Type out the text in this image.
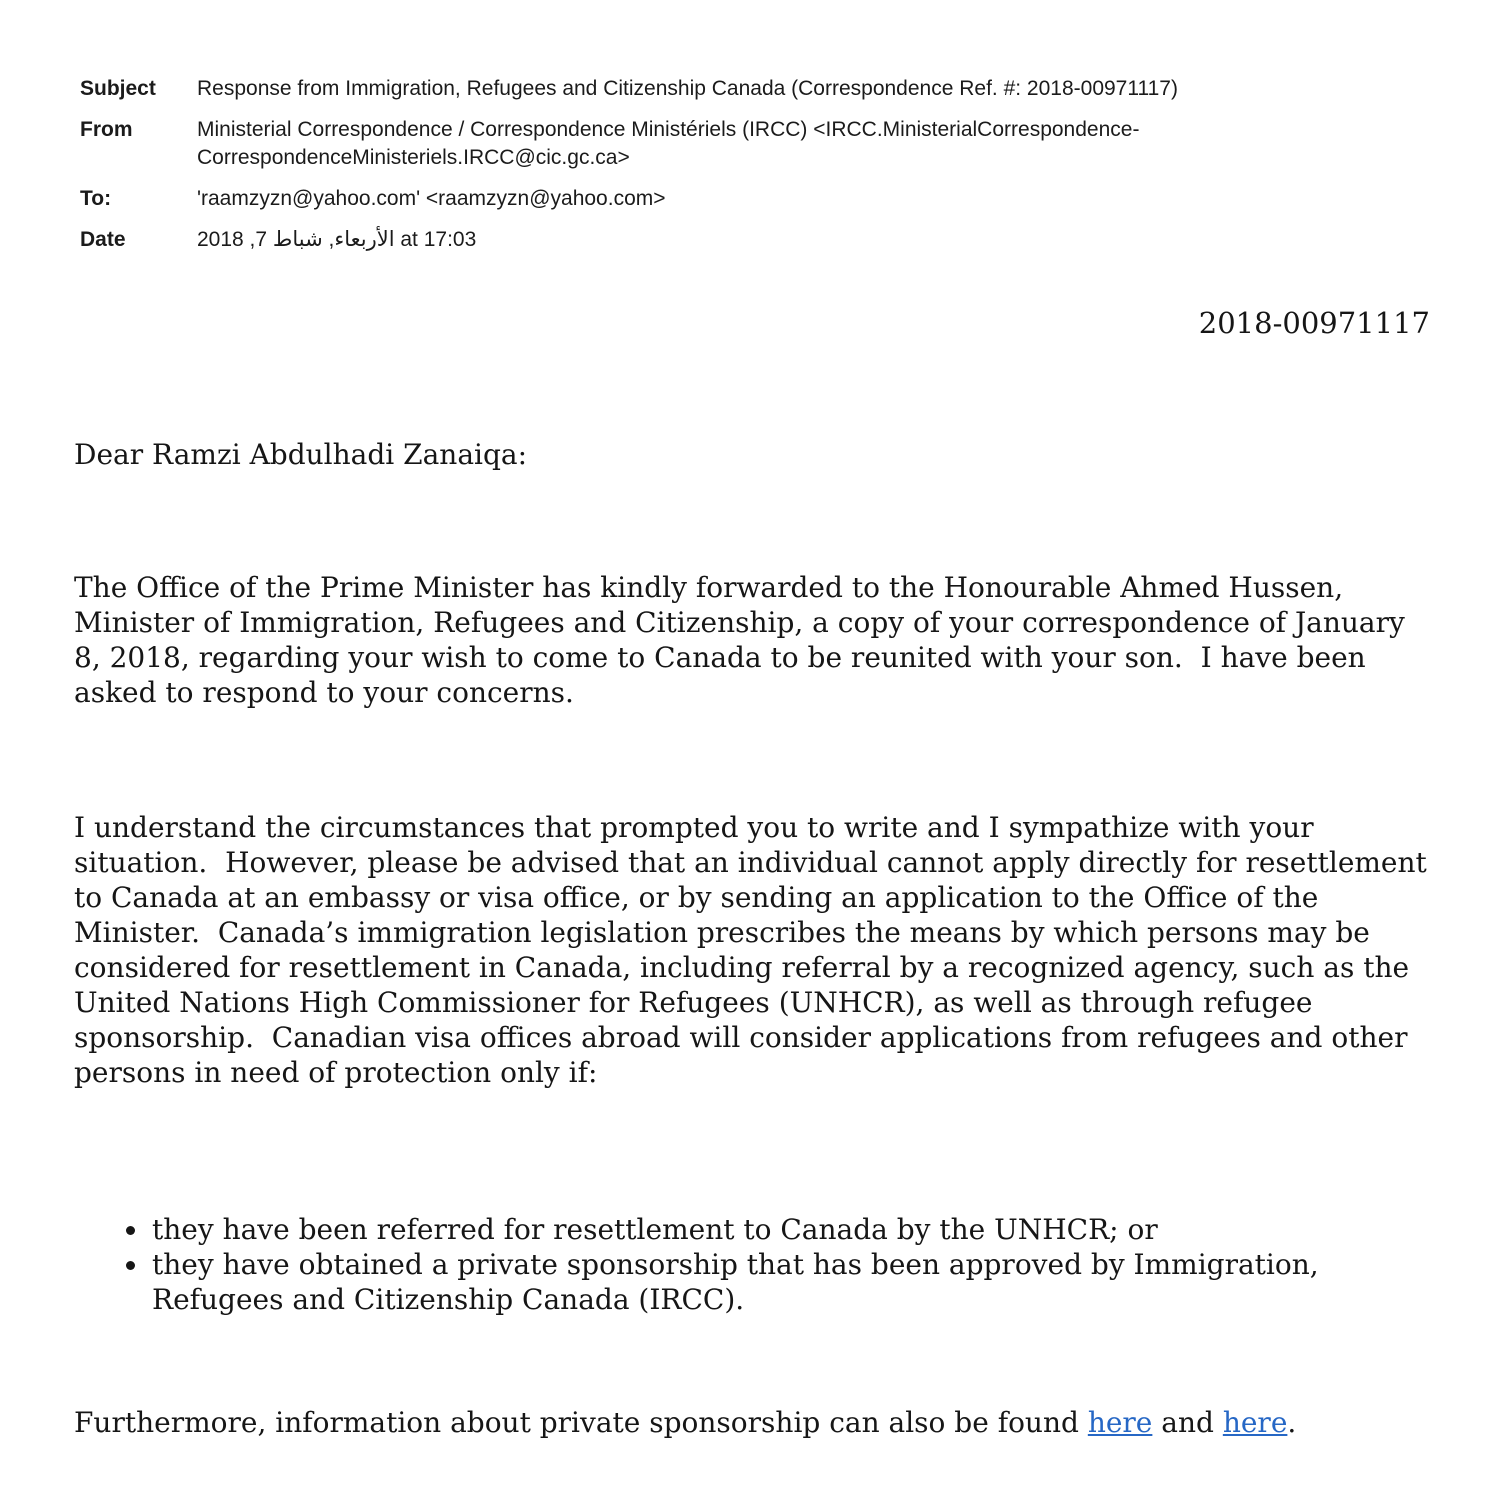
Subject	Response from Immigration, Refugees and Citizenship Canada (Correspondence Ref. #: 2018-00971117)
From	Ministerial Correspondence / Correspondence Ministériels (IRCC) <IRCC.MinisterialCorrespondence-CorrespondenceMinisteriels.IRCC@cic.gc.ca>
To:	'raamzyzn@yahoo.com' <raamzyzn@yahoo.com>
Date	الأربعاء, شباط 7, 2018 at 17:03
2018-00971117

Dear Ramzi Abdulhadi Zanaiqa:

The Office of the Prime Minister has kindly forwarded to the Honourable Ahmed Hussen, Minister of Immigration, Refugees and Citizenship, a copy of your correspondence of January 8, 2018, regarding your wish to come to Canada to be reunited with your son.  I have been asked to respond to your concerns.

I understand the circumstances that prompted you to write and I sympathize with your situation.  However, please be advised that an individual cannot apply directly for resettlement to Canada at an embassy or visa office, or by sending an application to the Office of the Minister.  Canada’s immigration legislation prescribes the means by which persons may be considered for resettlement in Canada, including referral by a recognized agency, such as the United Nations High Commissioner for Refugees (UNHCR), as well as through refugee sponsorship.  Canadian visa offices abroad will consider applications from refugees and other persons in need of protection only if:

• they have been referred for resettlement to Canada by the UNHCR; or
• they have obtained a private sponsorship that has been approved by Immigration, Refugees and Citizenship Canada (IRCC).

Furthermore, information about private sponsorship can also be found here and here.
